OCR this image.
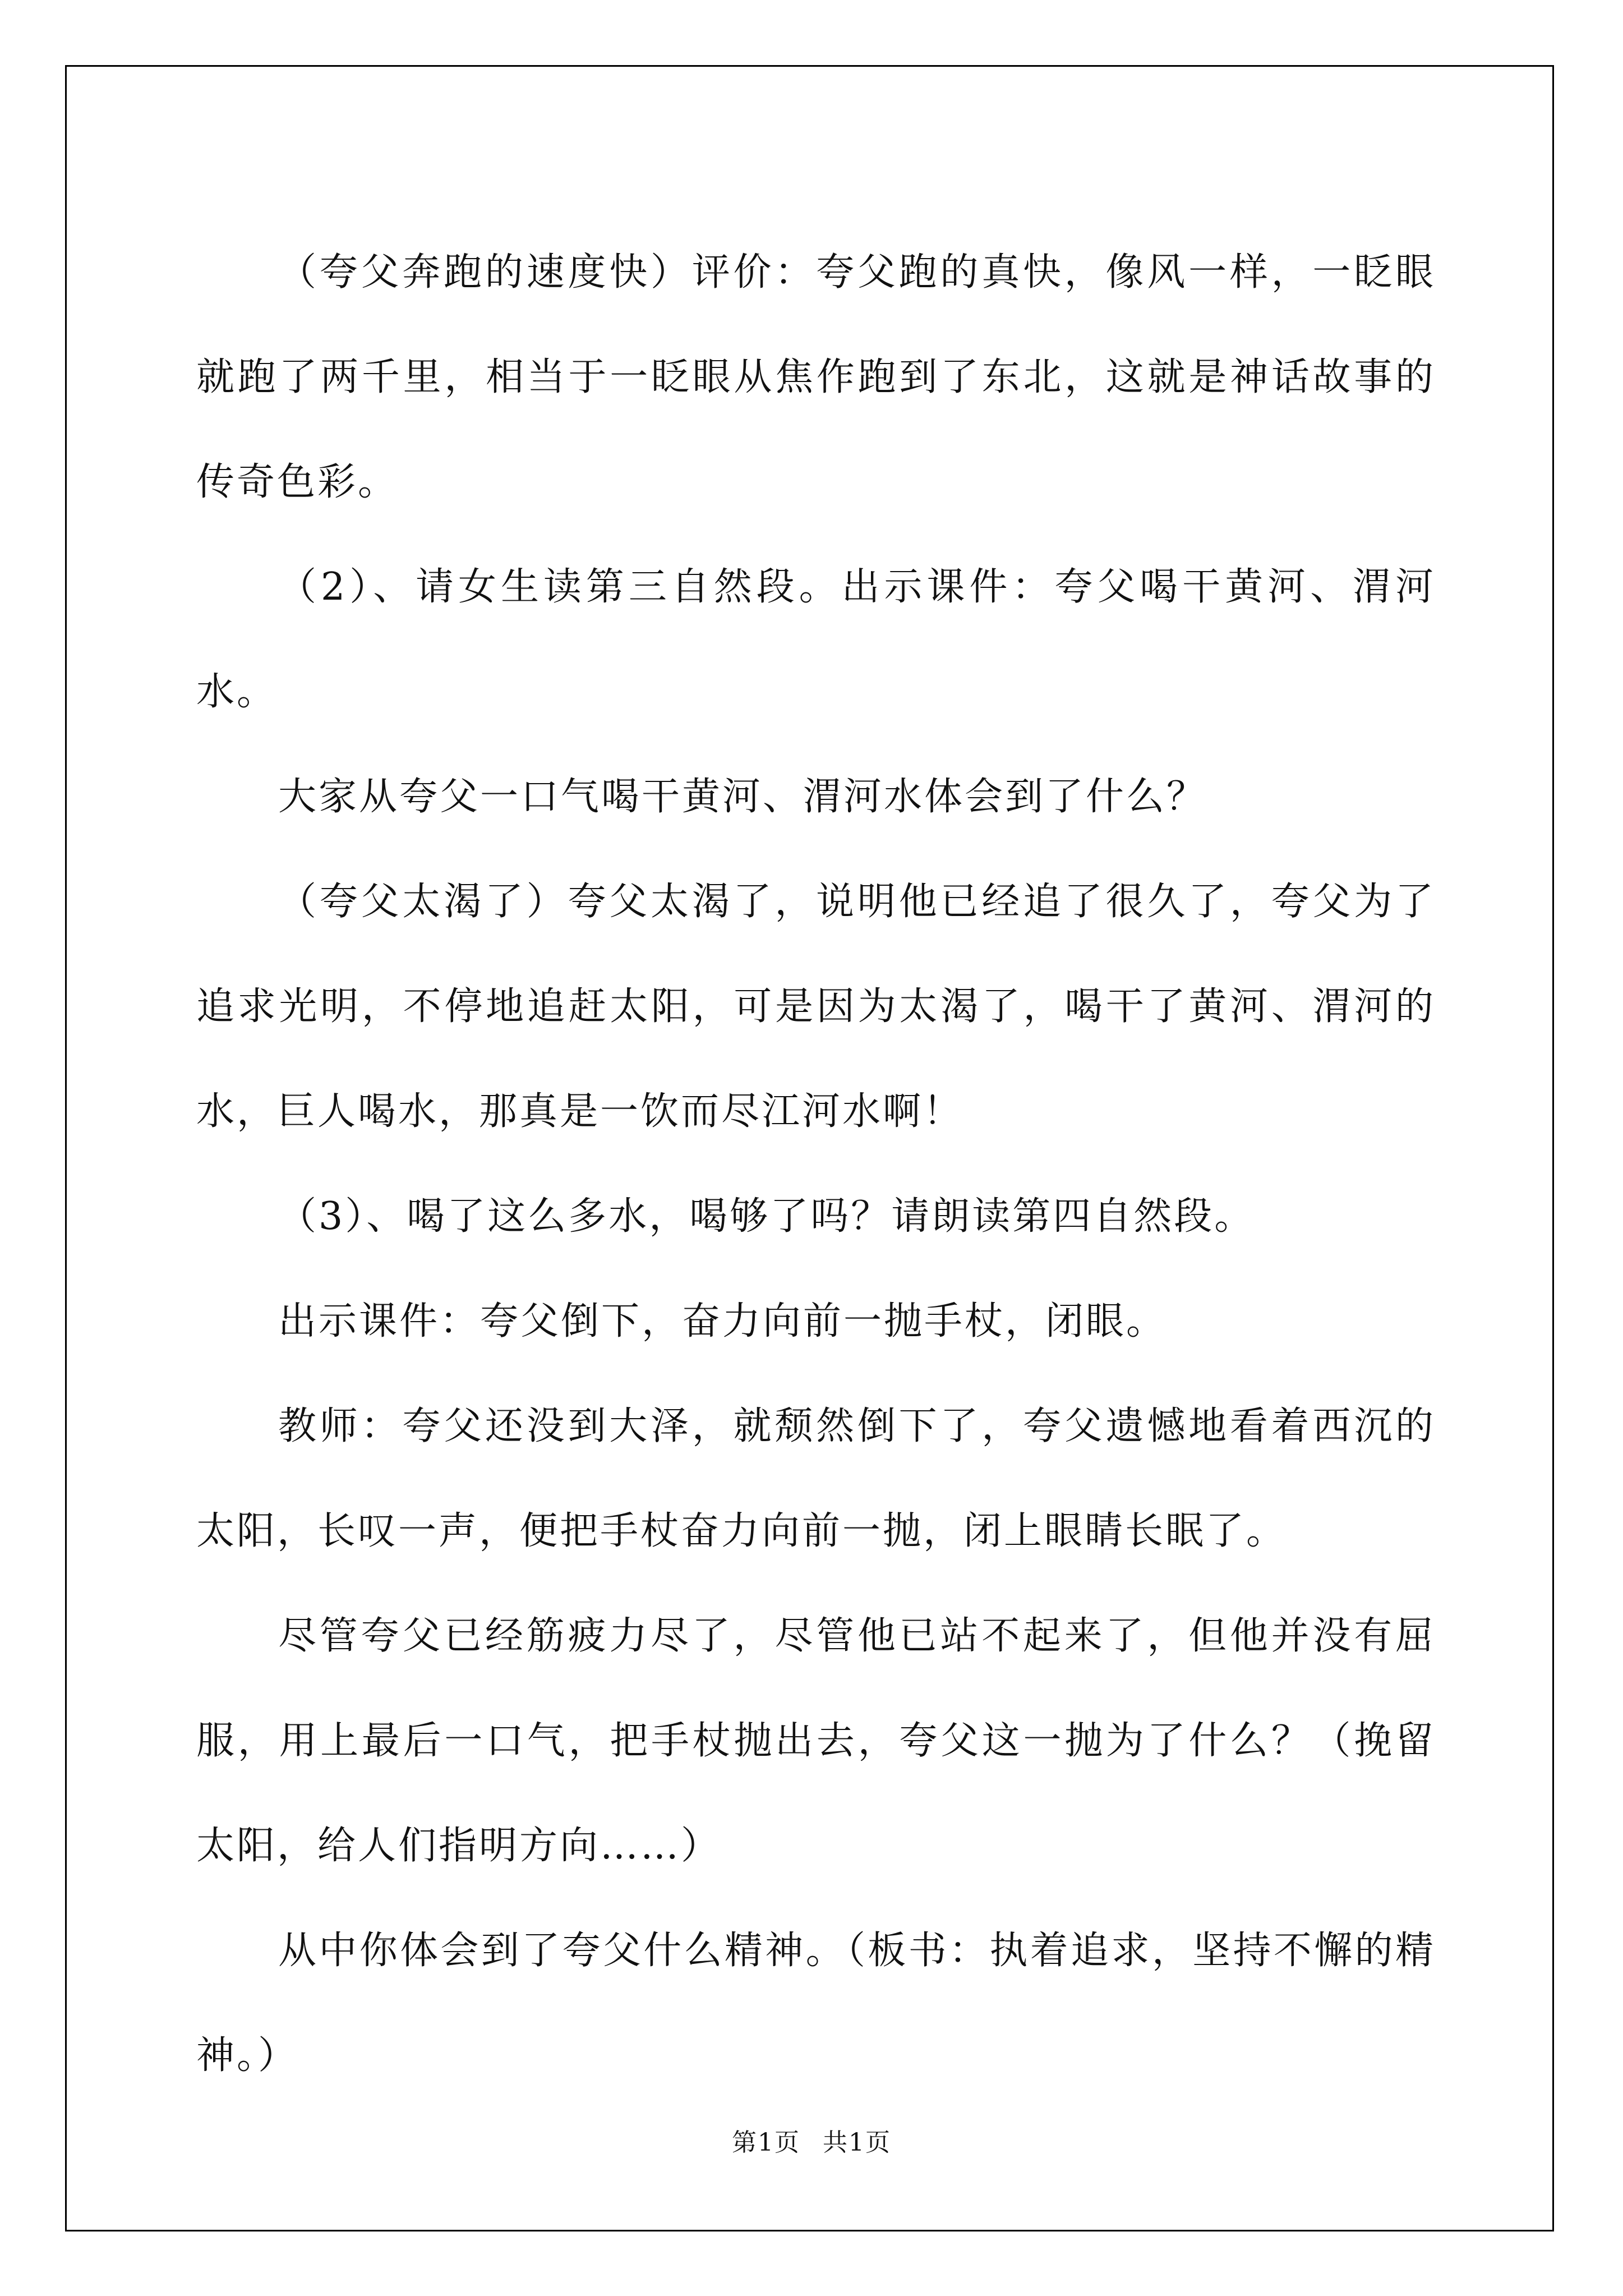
（夸父奔跑的速度快）评价：夸父跑的真快，像风一样，一眨眼就跑了两千里，相当于一眨眼从焦作跑到了东北，这就是神话故事的传奇色彩。

（2）、请女生读第三自然段。出示课件：夸父喝干黄河、渭河水。

大家从夸父一口气喝干黄河、渭河水体会到了什么？

（夸父太渴了）夸父太渴了，说明他已经追了很久了，夸父为了追求光明，不停地追赶太阳，可是因为太渴了，喝干了黄河、渭河的水，巨人喝水，那真是一饮而尽江河水啊！

（3）、喝了这么多水，喝够了吗？请朗读第四自然段。

出示课件：夸父倒下，奋力向前一抛手杖，闭眼。

教师：夸父还没到大泽，就颓然倒下了，夸父遗憾地看着西沉的太阳，长叹一声，便把手杖奋力向前一抛，闭上眼睛长眠了。

尽管夸父已经筋疲力尽了，尽管他已站不起来了，但他并没有屈服，用上最后一口气，把手杖抛出去，夸父这一抛为了什么？（挽留太阳，给人们指明方向……）

从中你体会到了夸父什么精神。（板书：执着追求，坚持不懈的精神。）

第1页 共1页
